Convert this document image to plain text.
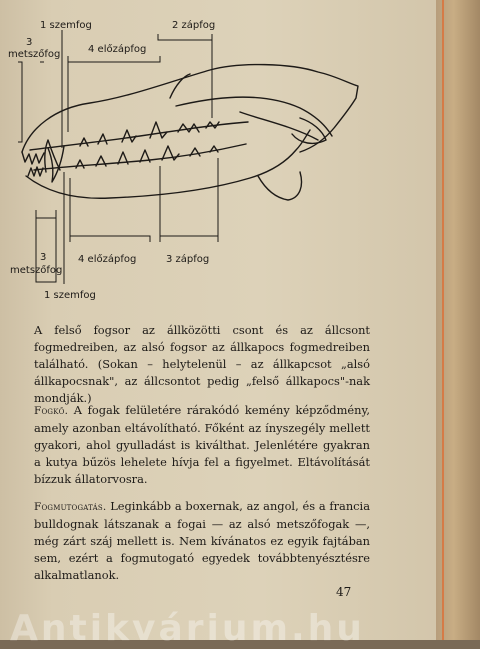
1 szemfog
3
metszőfog	4 előzápfog
2 zápfog
3
metszőfog
4 előzápfog	3 zápfog
1 szemfog

A felső fogsor az állközötti csont és az állcsont fogmedreiben, az alsó fogsor az állkapocs fogmedreiben található. (Sokan – helytelenül – az állkapcsot „alsó állkapocsnak", az állcsontot pedig „felső állkapocs"-nak mondják.)

Fogkő. A fogak felületére rárakódó kemény képződmény, amely azonban eltávolítható. Főként az ínyszegély mellett gyakori, ahol gyulladást is kiválthat. Jelenlétére gyakran a kutya bűzös lehelete hívja fel a figyelmet. Eltávolítását bízzuk állatorvosra.

Fogmutogatás. Leginkább a boxernak, az angol, és a francia bulldognak látszanak a fogai — az alsó metszőfogak —, még zárt száj mellett is. Nem kívánatos ez egyik fajtában sem, ezért a fogmutogató egyedek továbbtenyésztésre alkalmatlanok.

47
Antikvárium.hu
